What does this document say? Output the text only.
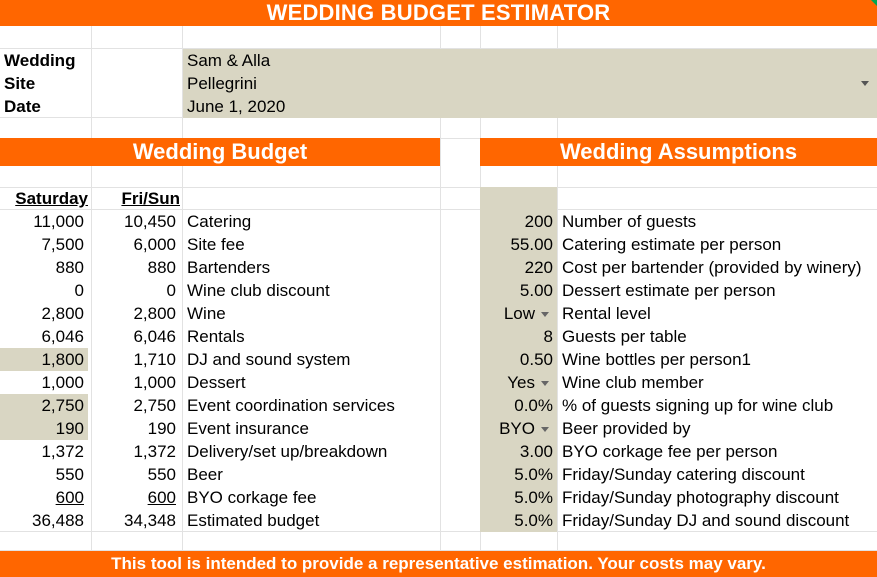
WEDDING BUDGET ESTIMATOR
Wedding	Sam & Alla
Site	Pellegrini
Date	June 1, 2020
Wedding Budget	Wedding Assumptions
Saturday	Fri/Sun
11,000	10,450 Catering
7,500	6,000 Site fee
880	880 Bartenders
0	0 Wine club discount
2,800	2,800 Wine
6,046	6,046 Rentals
1,800	1,710 DJ and sound system
1,000	1,000 Dessert
2,750	2,750 Event coordination services
190	190 Event insurance
1,372	1,372 Delivery/set up/breakdown
550	550 Beer
600	600 BYO corkage fee
36,488	34,348 Estimated budget
200 Number of guests
55.00 Catering estimate per person
220 Cost per bartender (provided by winery)
5.00 Dessert estimate per person
Low Rental level
8 Guests per table
0.50 Wine bottles per person1
Yes Wine club member
0.0% % of guests signing up for wine club
BYO Beer provided by
3.00 BYO corkage fee per person
5.0% Friday/Sunday catering discount
5.0% Friday/Sunday photography discount
5.0% Friday/Sunday DJ and sound discount
This tool is intended to provide a representative estimation. Your costs may vary.
